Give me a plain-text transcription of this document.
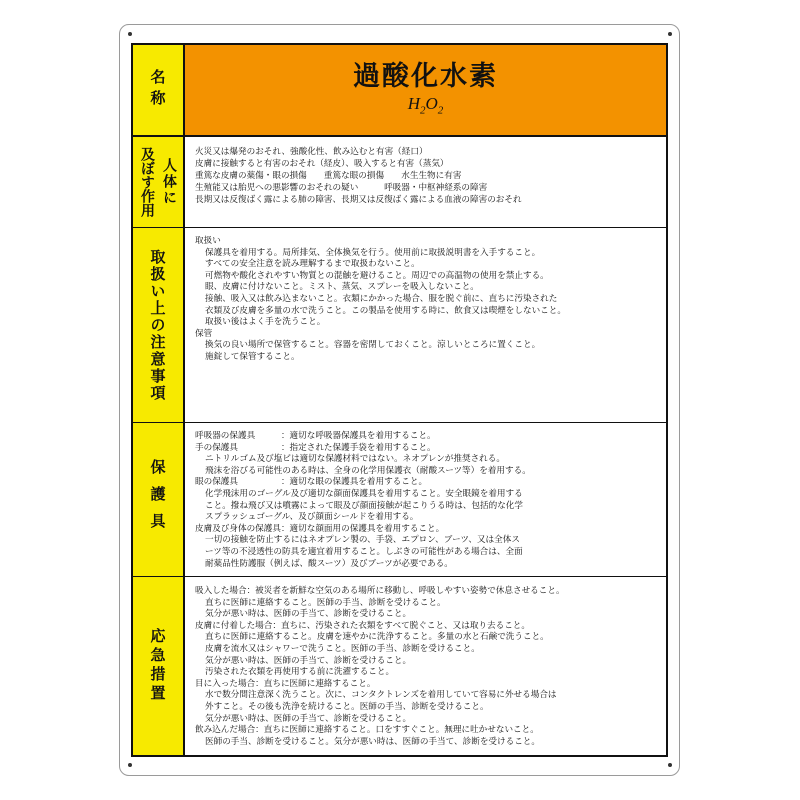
名称	過酸化水素
$H_2O_2$
人体に
及ぼす作用	火災又は爆発のおそれ、強酸化性、飲み込むと有害（経口）
皮膚に接触すると有害のおそれ（経皮）、吸入すると有害（蒸気）
重篤な皮膚の薬傷・眼の損傷　　重篤な眼の損傷　　水生生物に有害
生殖能又は胎児への悪影響のおそれの疑い　　　呼吸器・中枢神経系の障害
長期又は反復ばく露による肺の障害、長期又は反復ばく露による血液の障害のおそれ
取扱い上の注意事項
取扱い
保護具を着用する。局所排気、全体換気を行う。使用前に取扱説明書を入手すること。
すべての安全注意を読み理解するまで取扱わないこと。
可燃物や酸化されやすい物質との混触を避けること。周辺での高温物の使用を禁止する。
眼、皮膚に付けないこと。ミスト、蒸気、スプレーを吸入しないこと。
接触、吸入又は飲み込まないこと。衣類にかかった場合、服を脱ぐ前に、直ちに汚染された
衣類及び皮膚を多量の水で洗うこと。この製品を使用する時に、飲食又は喫煙をしないこと。
取扱い後はよく手を洗うこと。
保管
換気の良い場所で保管すること。容器を密閉しておくこと。涼しいところに置くこと。
施錠して保管すること。
保護具
呼吸器の保護具　　　：適切な呼吸器保護具を着用すること。
手の保護具　　　　　：指定された保護手袋を着用すること。
ニトリルゴム及び塩ビは適切な保護材料ではない。ネオプレンが推奨される。
飛沫を浴びる可能性のある時は、全身の化学用保護衣（耐酸スーツ等）を着用する。
眼の保護具　　　　　：適切な眼の保護具を着用すること。
化学飛沫用のゴーグル及び適切な顔面保護具を着用すること。安全眼鏡を着用する
こと。撥ね飛び又は噴霧によって眼及び顔面接触が起こりうる時は、包括的な化学
スプラッシュゴーグル、及び顔面シールドを着用する。
皮膚及び身体の保護具：適切な顔面用の保護具を着用すること。
一切の接触を防止するにはネオプレン製の、手袋、エプロン、ブーツ、又は全体ス
ーツ等の不浸透性の防具を適宜着用すること。しぶきの可能性がある場合は、全面
耐薬品性防護服（例えば、酸スーツ）及びブーツが必要である。
応急措置
吸入した場合：被災者を新鮮な空気のある場所に移動し、呼吸しやすい姿勢で休息させること。
直ちに医師に連絡すること。医師の手当、診断を受けること。
気分が悪い時は、医師の手当て、診断を受けること。
皮膚に付着した場合：直ちに、汚染された衣類をすべて脱ぐこと、又は取り去ること。
直ちに医師に連絡すること。皮膚を速やかに洗浄すること。多量の水と石鹸で洗うこと。
皮膚を流水又はシャワーで洗うこと。医師の手当、診断を受けること。
気分が悪い時は、医師の手当て、診断を受けること。
汚染された衣類を再使用する前に洗濯すること。
目に入った場合：直ちに医師に連絡すること。
水で数分間注意深く洗うこと。次に、コンタクトレンズを着用していて容易に外せる場合は
外すこと。その後も洗浄を続けること。医師の手当、診断を受けること。
気分が悪い時は、医師の手当て、診断を受けること。
飲み込んだ場合：直ちに医師に連絡すること。口をすすぐこと。無理に吐かせないこと。
医師の手当、診断を受けること。気分が悪い時は、医師の手当て、診断を受けること。
